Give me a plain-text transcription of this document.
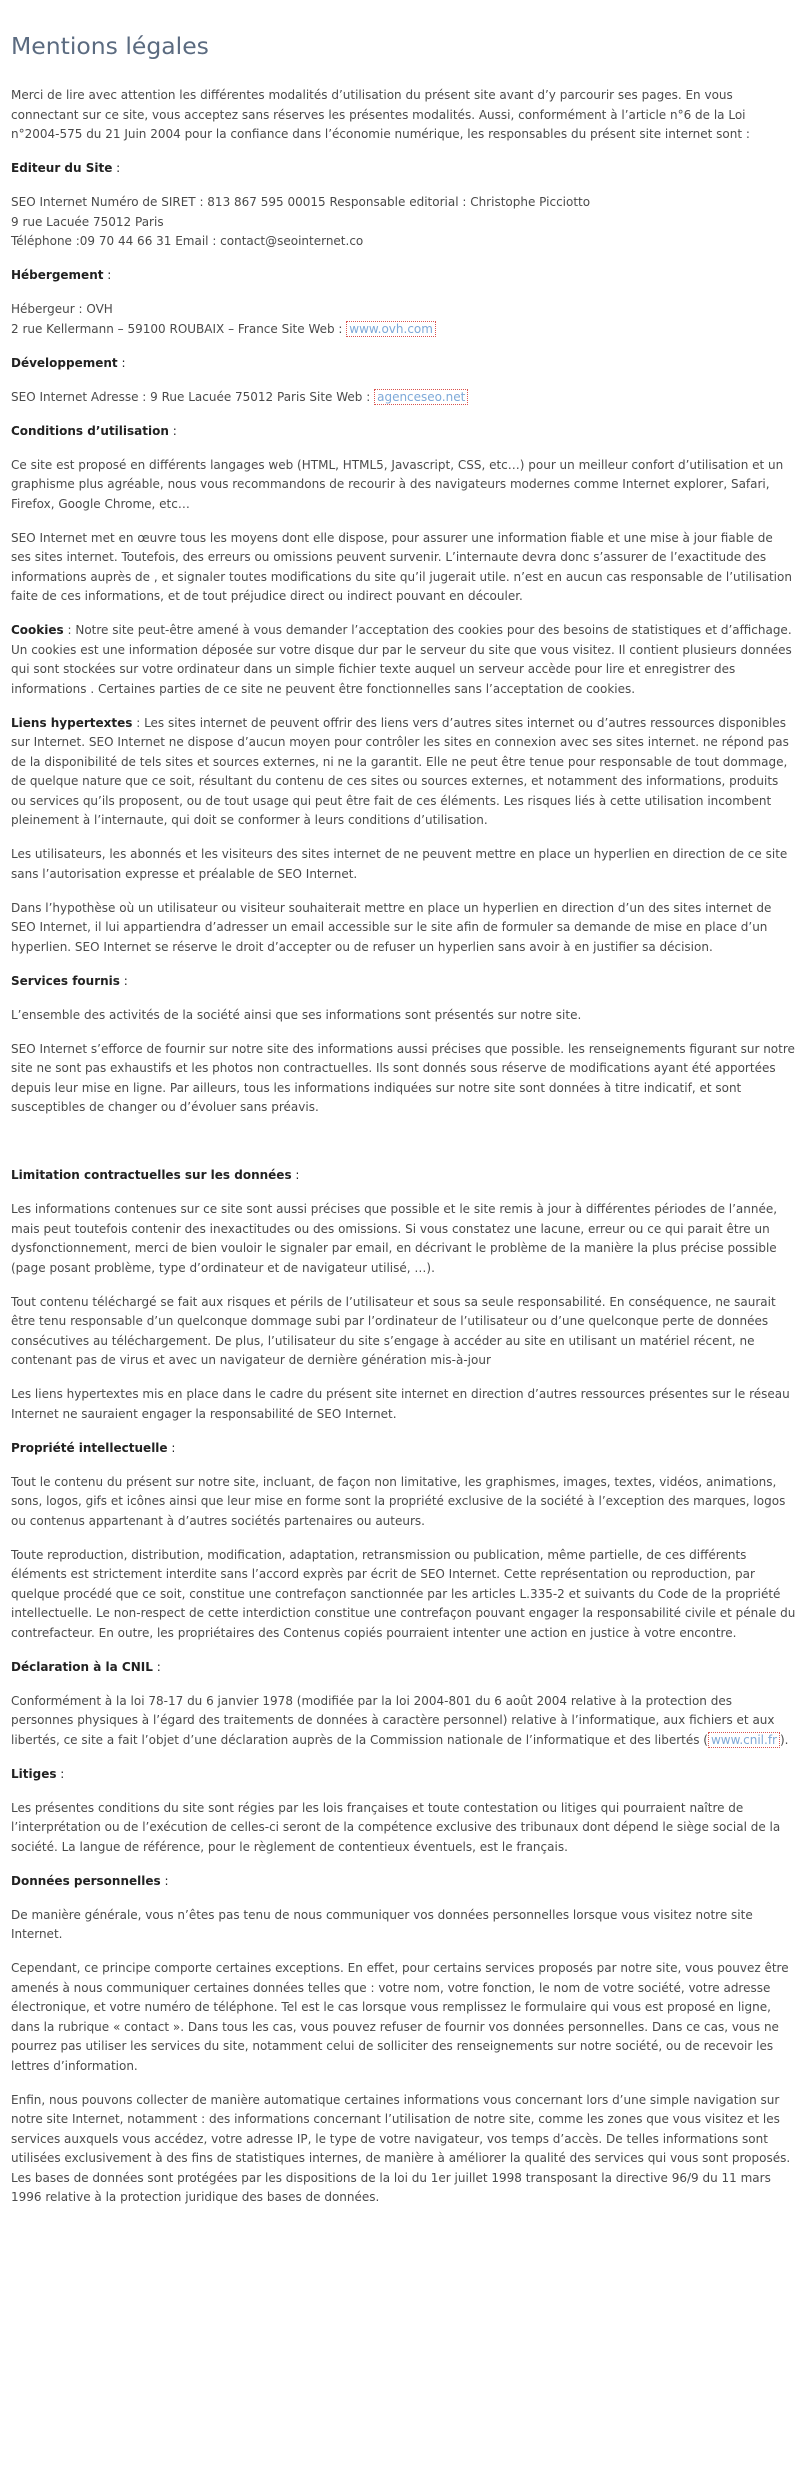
Mentions légales

Merci de lire avec attention les différentes modalités d’utilisation du présent site avant d’y parcourir ses pages. En vous connectant sur ce site, vous acceptez sans réserves les présentes modalités. Aussi, conformément à l’article n°6 de la Loi n°2004-575 du 21 Juin 2004 pour la confiance dans l’économie numérique, les responsables du présent site internet sont :

Editeur du Site :

SEO Internet Numéro de SIRET : 813 867 595 00015 Responsable editorial : Christophe Picciotto
9 rue Lacuée 75012 Paris
Téléphone :09 70 44 66 31 Email : contact@seointernet.co

Hébergement :

Hébergeur : OVH
2 rue Kellermann – 59100 ROUBAIX – France Site Web : www.ovh.com

Développement :

SEO Internet Adresse : 9 Rue Lacuée 75012 Paris Site Web : agenceseo.net

Conditions d’utilisation :

Ce site est proposé en différents langages web (HTML, HTML5, Javascript, CSS, etc…) pour un meilleur confort d’utilisation et un graphisme plus agréable, nous vous recommandons de recourir à des navigateurs modernes comme Internet explorer, Safari, Firefox, Google Chrome, etc…

SEO Internet met en œuvre tous les moyens dont elle dispose, pour assurer une information fiable et une mise à jour fiable de ses sites internet. Toutefois, des erreurs ou omissions peuvent survenir. L’internaute devra donc s’assurer de l’exactitude des informations auprès de , et signaler toutes modifications du site qu’il jugerait utile. n’est en aucun cas responsable de l’utilisation faite de ces informations, et de tout préjudice direct ou indirect pouvant en découler.

Cookies : Notre site peut-être amené à vous demander l’acceptation des cookies pour des besoins de statistiques et d’affichage. Un cookies est une information déposée sur votre disque dur par le serveur du site que vous visitez. Il contient plusieurs données qui sont stockées sur votre ordinateur dans un simple fichier texte auquel un serveur accède pour lire et enregistrer des informations . Certaines parties de ce site ne peuvent être fonctionnelles sans l’acceptation de cookies.

Liens hypertextes : Les sites internet de peuvent offrir des liens vers d’autres sites internet ou d’autres ressources disponibles sur Internet. SEO Internet ne dispose d’aucun moyen pour contrôler les sites en connexion avec ses sites internet. ne répond pas de la disponibilité de tels sites et sources externes, ni ne la garantit. Elle ne peut être tenue pour responsable de tout dommage, de quelque nature que ce soit, résultant du contenu de ces sites ou sources externes, et notamment des informations, produits ou services qu’ils proposent, ou de tout usage qui peut être fait de ces éléments. Les risques liés à cette utilisation incombent pleinement à l’internaute, qui doit se conformer à leurs conditions d’utilisation.

Les utilisateurs, les abonnés et les visiteurs des sites internet de ne peuvent mettre en place un hyperlien en direction de ce site sans l’autorisation expresse et préalable de SEO Internet.

Dans l’hypothèse où un utilisateur ou visiteur souhaiterait mettre en place un hyperlien en direction d’un des sites internet de SEO Internet, il lui appartiendra d’adresser un email accessible sur le site afin de formuler sa demande de mise en place d’un hyperlien. SEO Internet se réserve le droit d’accepter ou de refuser un hyperlien sans avoir à en justifier sa décision.

Services fournis :

L’ensemble des activités de la société ainsi que ses informations sont présentés sur notre site.

SEO Internet s’efforce de fournir sur notre site des informations aussi précises que possible. les renseignements figurant sur notre site ne sont pas exhaustifs et les photos non contractuelles. Ils sont donnés sous réserve de modifications ayant été apportées depuis leur mise en ligne. Par ailleurs, tous les informations indiquées sur notre site sont données à titre indicatif, et sont susceptibles de changer ou d’évoluer sans préavis.

Limitation contractuelles sur les données :

Les informations contenues sur ce site sont aussi précises que possible et le site remis à jour à différentes périodes de l’année, mais peut toutefois contenir des inexactitudes ou des omissions. Si vous constatez une lacune, erreur ou ce qui parait être un dysfonctionnement, merci de bien vouloir le signaler par email, en décrivant le problème de la manière la plus précise possible (page posant problème, type d’ordinateur et de navigateur utilisé, …).

Tout contenu téléchargé se fait aux risques et périls de l’utilisateur et sous sa seule responsabilité. En conséquence, ne saurait être tenu responsable d’un quelconque dommage subi par l’ordinateur de l’utilisateur ou d’une quelconque perte de données consécutives au téléchargement. De plus, l’utilisateur du site s’engage à accéder au site en utilisant un matériel récent, ne contenant pas de virus et avec un navigateur de dernière génération mis-à-jour

Les liens hypertextes mis en place dans le cadre du présent site internet en direction d’autres ressources présentes sur le réseau Internet ne sauraient engager la responsabilité de SEO Internet.

Propriété intellectuelle :

Tout le contenu du présent sur notre site, incluant, de façon non limitative, les graphismes, images, textes, vidéos, animations, sons, logos, gifs et icônes ainsi que leur mise en forme sont la propriété exclusive de la société à l’exception des marques, logos ou contenus appartenant à d’autres sociétés partenaires ou auteurs.

Toute reproduction, distribution, modification, adaptation, retransmission ou publication, même partielle, de ces différents éléments est strictement interdite sans l’accord exprès par écrit de SEO Internet. Cette représentation ou reproduction, par quelque procédé que ce soit, constitue une contrefaçon sanctionnée par les articles L.335-2 et suivants du Code de la propriété intellectuelle. Le non-respect de cette interdiction constitue une contrefaçon pouvant engager la responsabilité civile et pénale du contrefacteur. En outre, les propriétaires des Contenus copiés pourraient intenter une action en justice à votre encontre.

Déclaration à la CNIL :

Conformément à la loi 78-17 du 6 janvier 1978 (modifiée par la loi 2004-801 du 6 août 2004 relative à la protection des personnes physiques à l’égard des traitements de données à caractère personnel) relative à l’informatique, aux fichiers et aux libertés, ce site a fait l’objet d’une déclaration auprès de la Commission nationale de l’informatique et des libertés ( www.cnil.fr ).

Litiges :

Les présentes conditions du site sont régies par les lois françaises et toute contestation ou litiges qui pourraient naître de l’interprétation ou de l’exécution de celles-ci seront de la compétence exclusive des tribunaux dont dépend le siège social de la société. La langue de référence, pour le règlement de contentieux éventuels, est le français.

Données personnelles :

De manière générale, vous n’êtes pas tenu de nous communiquer vos données personnelles lorsque vous visitez notre site Internet.

Cependant, ce principe comporte certaines exceptions. En effet, pour certains services proposés par notre site, vous pouvez être amenés à nous communiquer certaines données telles que : votre nom, votre fonction, le nom de votre société, votre adresse électronique, et votre numéro de téléphone. Tel est le cas lorsque vous remplissez le formulaire qui vous est proposé en ligne, dans la rubrique « contact ». Dans tous les cas, vous pouvez refuser de fournir vos données personnelles. Dans ce cas, vous ne pourrez pas utiliser les services du site, notamment celui de solliciter des renseignements sur notre société, ou de recevoir les lettres d’information.

Enfin, nous pouvons collecter de manière automatique certaines informations vous concernant lors d’une simple navigation sur notre site Internet, notamment : des informations concernant l’utilisation de notre site, comme les zones que vous visitez et les services auxquels vous accédez, votre adresse IP, le type de votre navigateur, vos temps d’accès. De telles informations sont utilisées exclusivement à des fins de statistiques internes, de manière à améliorer la qualité des services qui vous sont proposés. Les bases de données sont protégées par les dispositions de la loi du 1er juillet 1998 transposant la directive 96/9 du 11 mars 1996 relative à la protection juridique des bases de données.
